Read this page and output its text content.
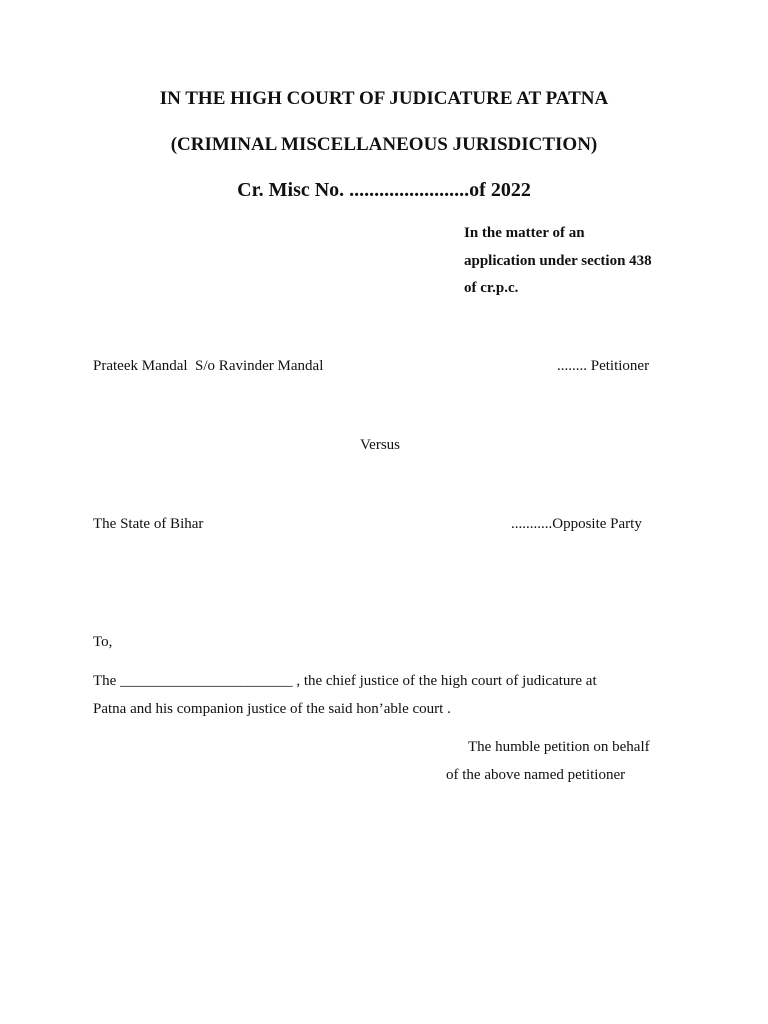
IN THE HIGH COURT OF JUDICATURE AT PATNA
(CRIMINAL MISCELLANEOUS JURISDICTION)
Cr. Misc No. ........................of 2022
In the matter of an
application under section 438
of cr.p.c.
Prateek Mandal  S/o Ravinder Mandal	........ Petitioner
Versus
The State of Bihar	...........Opposite Party
To,
The _______________________ , the chief justice of the high court of judicature at
Patna and his companion justice of the said hon’able court .
The humble petition on behalf
of the above named petitioner
